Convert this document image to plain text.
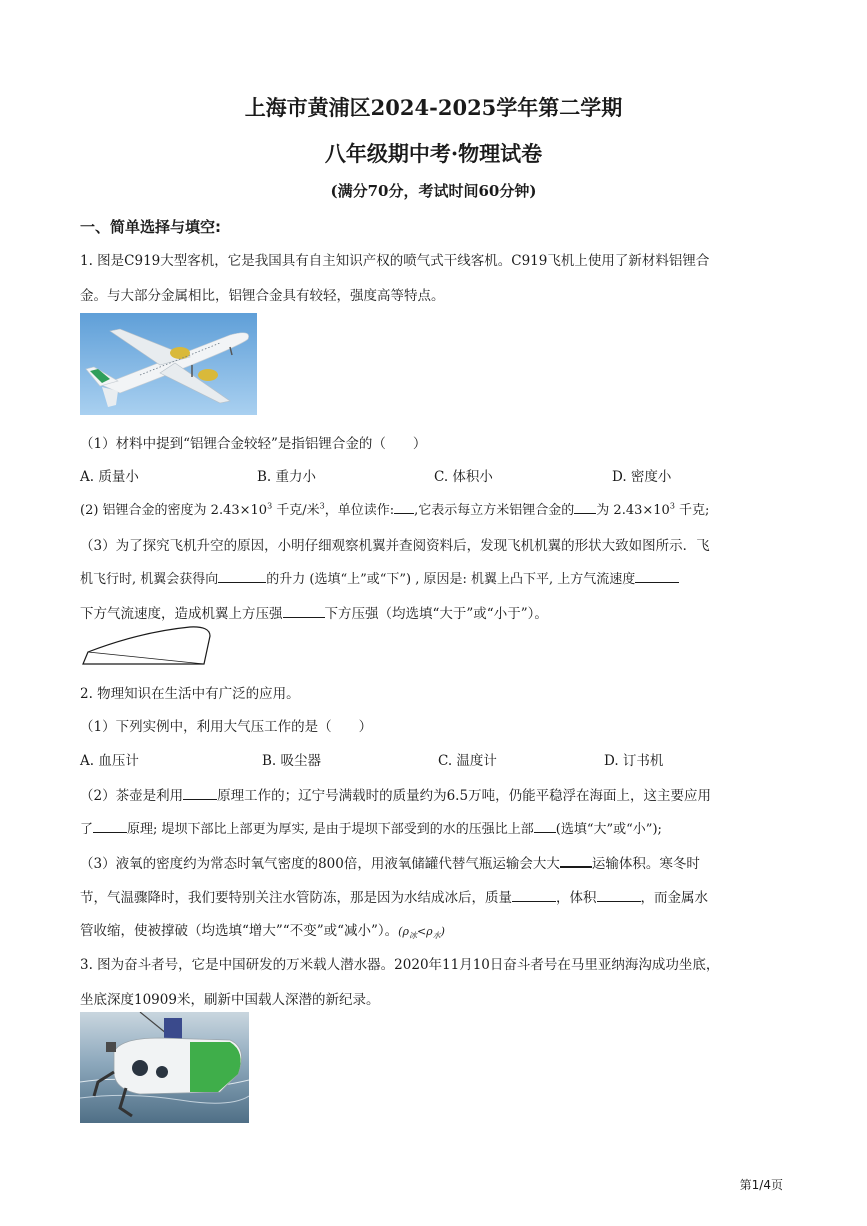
上海市黄浦区2024-2025学年第二学期
八年级期中考·物理试卷
(满分70分，考试时间60分钟)
一、简单选择与填空:
1. 图是C919大型客机，它是我国具有自主知识产权的喷气式干线客机。C919飞机上使用了新材料铝锂合
金。与大部分金属相比，铝锂合金具有较轻，强度高等特点。
（1）材料中提到“铝锂合金较轻”是指铝锂合金的（　　）
A. 质量小	B. 重力小	C. 体积小	D. 密度小
(2) 铝锂合金的密度为 $2.43\times 10^3$ 千克/米$^3$，单位读作: ,它表示每立方米铝锂合金的 为 $2.43\times 10^3$ 千克;
（3）为了探究飞机升空的原因，小明仔细观察机翼并查阅资料后，发现飞机机翼的形状大致如图所示．飞
机飞行时, 机翼会获得向	的升力 (选填“上”或“下”) , 原因是: 机翼上凸下平, 上方气流速度
下方气流速度，造成机翼上方压强	下方压强（均选填“大于”或“小于”）。
2. 物理知识在生活中有广泛的应用。
（1）下列实例中，利用大气压工作的是（　　）
A. 血压计	B. 吸尘器	C. 温度计	D. 订书机
（2）茶壶是利用	原理工作的；辽宁号满载时的质量约为6.5万吨，仍能平稳浮在海面上，这主要应用
了	原理; 堤坝下部比上部更为厚实, 是由于堤坝下部受到的水的压强比上部 (选填“大”或“小”);
（3）液氧的密度约为常态时氧气密度的800倍，用液氧储罐代替气瓶运输会大大 运输体积。寒冬时
节，气温骤降时，我们要特别关注水管防冻，那是因为水结成冰后，质量	，体积	，而金属水
管收缩，使被撑破（均选填“增大”“不变”或“减小”）。$(\rho_冰<\rho_水)$
3. 图为奋斗者号，它是中国研发的万米载人潜水器。2020年11月10日奋斗者号在马里亚纳海沟成功坐底，
坐底深度10909米，刷新中国载人深潜的新纪录。
第1/4页
